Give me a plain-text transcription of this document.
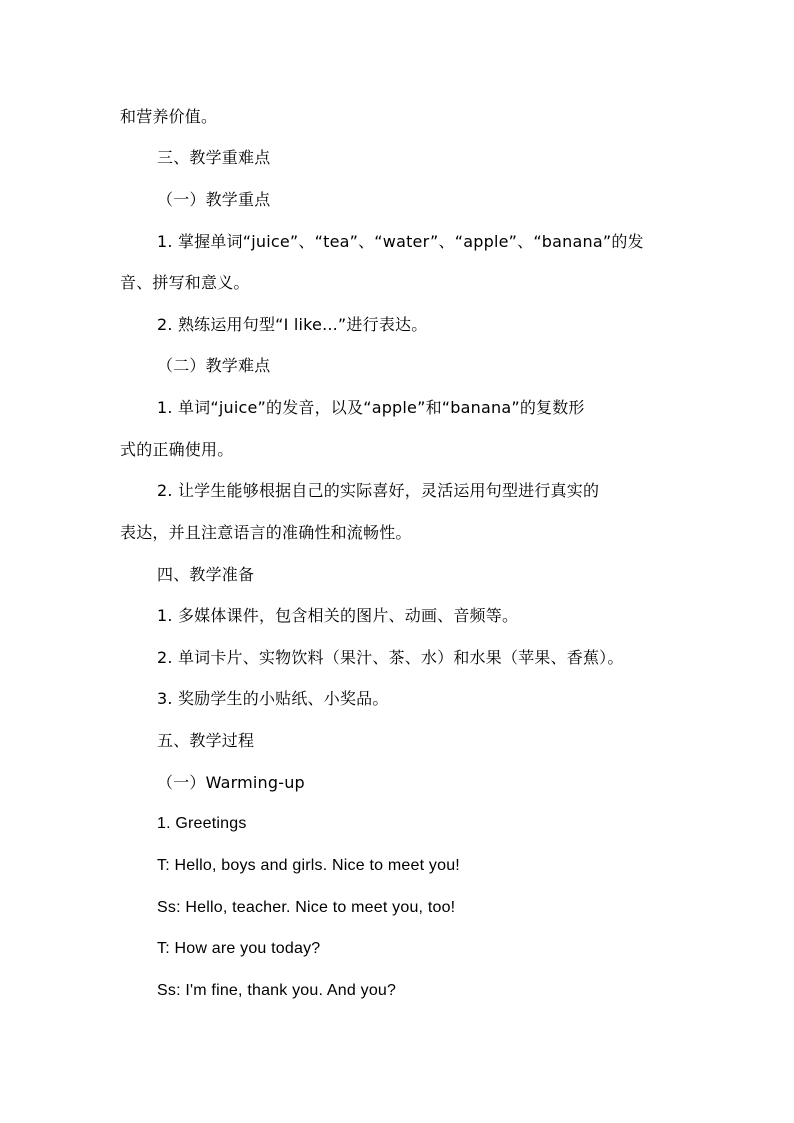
和营养价值。
三、教学重难点
（一）教学重点
1. 掌握单词“juice”、“tea”、“water”、“apple”、“banana”的发
音、拼写和意义。
2. 熟练运用句型“I like...”进行表达。
（二）教学难点
1. 单词“juice”的发音，以及“apple”和“banana”的复数形
式的正确使用。
2. 让学生能够根据自己的实际喜好，灵活运用句型进行真实的
表达，并且注意语言的准确性和流畅性。
四、教学准备
1. 多媒体课件，包含相关的图片、动画、音频等。
2. 单词卡片、实物饮料（果汁、茶、水）和水果（苹果、香蕉）。
3. 奖励学生的小贴纸、小奖品。
五、教学过程
（一）Warming-up
1. Greetings
T: Hello, boys and girls. Nice to meet you!
Ss: Hello, teacher. Nice to meet you, too!
T: How are you today?
Ss: I'm fine, thank you. And you?
